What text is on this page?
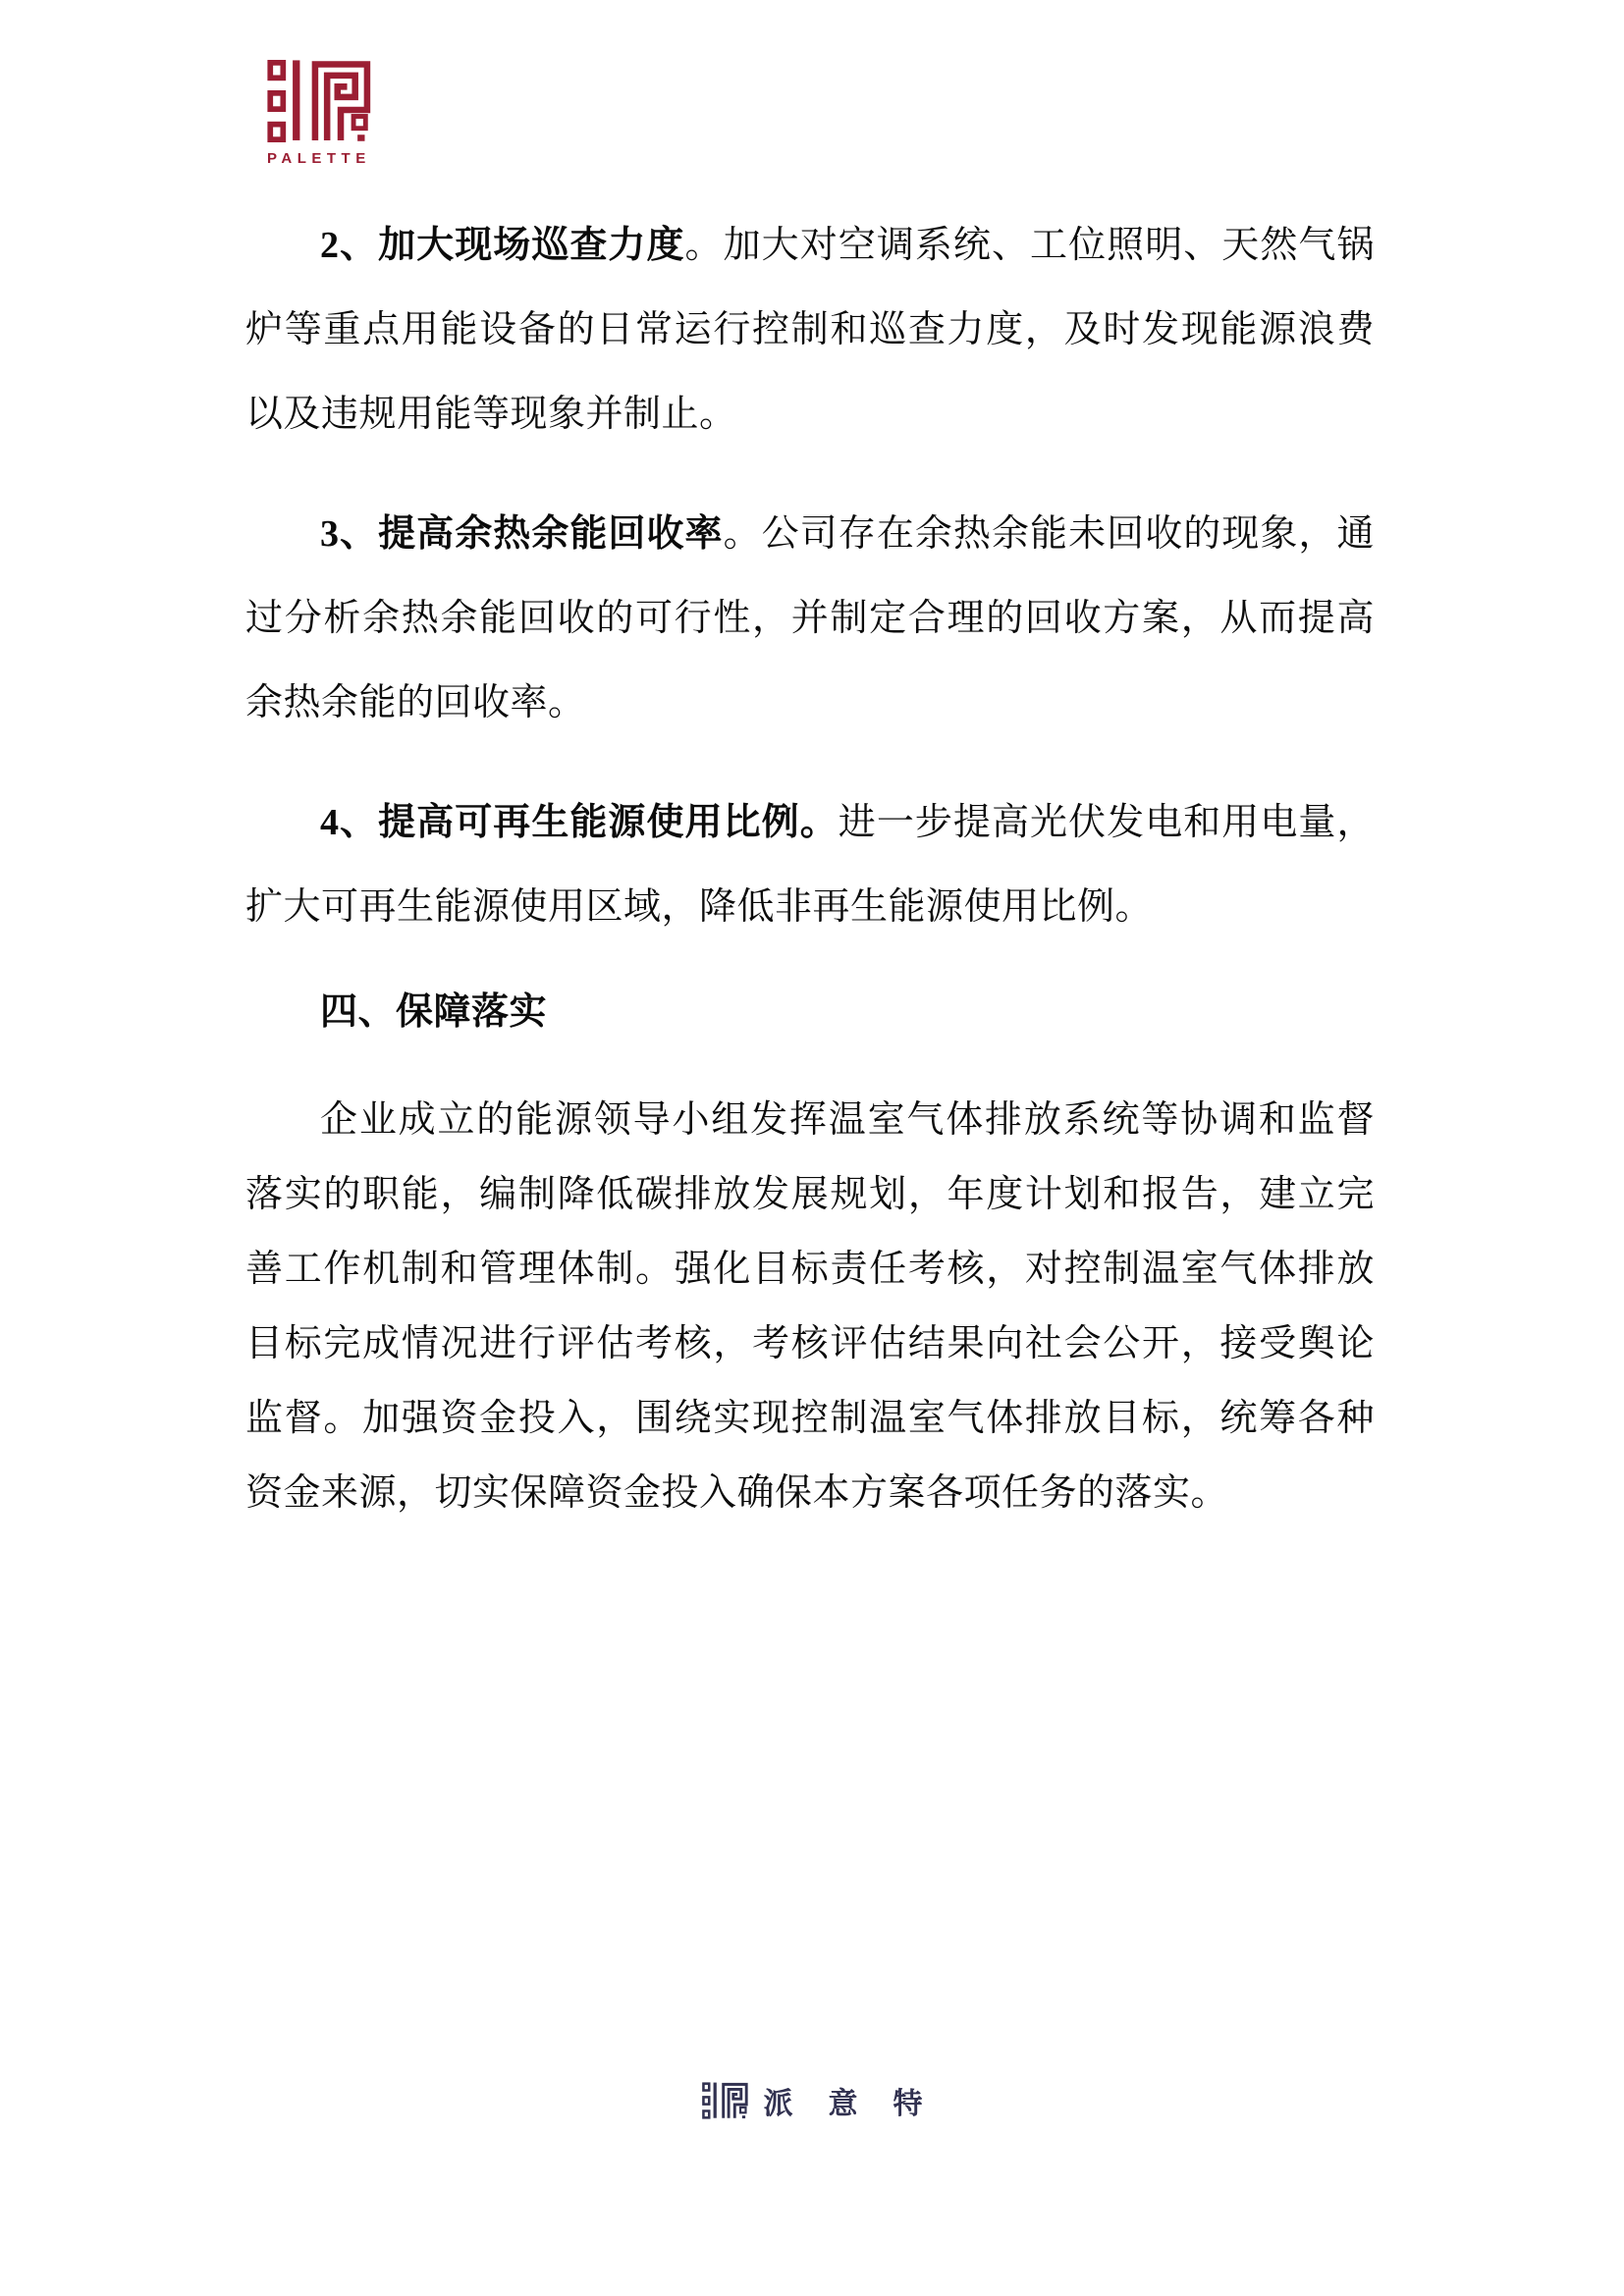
PALETTE

2、加大现场巡查力度。加大对空调系统、工位照明、天然气锅炉等重点用能设备的日常运行控制和巡查力度，及时发现能源浪费以及违规用能等现象并制止。

3、提高余热余能回收率。公司存在余热余能未回收的现象，通过分析余热余能回收的可行性，并制定合理的回收方案，从而提高余热余能的回收率。

4、提高可再生能源使用比例。进一步提高光伏发电和用电量，扩大可再生能源使用区域，降低非再生能源使用比例。

四、保障落实

企业成立的能源领导小组发挥温室气体排放系统等协调和监督落实的职能，编制降低碳排放发展规划，年度计划和报告，建立完善工作机制和管理体制。强化目标责任考核，对控制温室气体排放目标完成情况进行评估考核，考核评估结果向社会公开，接受舆论监督。加强资金投入，围绕实现控制温室气体排放目标，统筹各种资金来源，切实保障资金投入确保本方案各项任务的落实。

派意特
